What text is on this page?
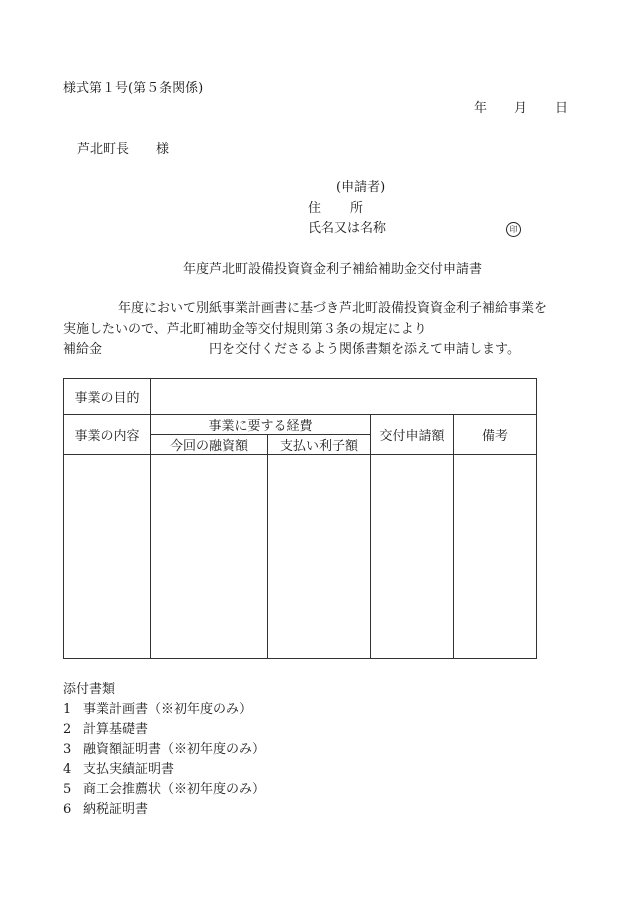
様式第１号(第５条関係)
年 月 日
芦北町長 様
(申請者)
住　　所
氏名又は名称	印
年度芦北町設備投資資金利子補給補助金交付申請書
年度において別紙事業計画書に基づき芦北町設備投資資金利子補給事業を
実施したいので、芦北町補助金等交付規則第３条の規定により
補給金	円を交付くださるよう関係書類を添えて申請します。
事業の目的				
事業の内容	事業に要する経費		交付申請額	備考
	今回の融資額	支払い利子額		

添付書類
1 事業計画書（※初年度のみ）
2 計算基礎書
3 融資額証明書（※初年度のみ）
4 支払実績証明書
5 商工会推薦状（※初年度のみ）
6 納税証明書
